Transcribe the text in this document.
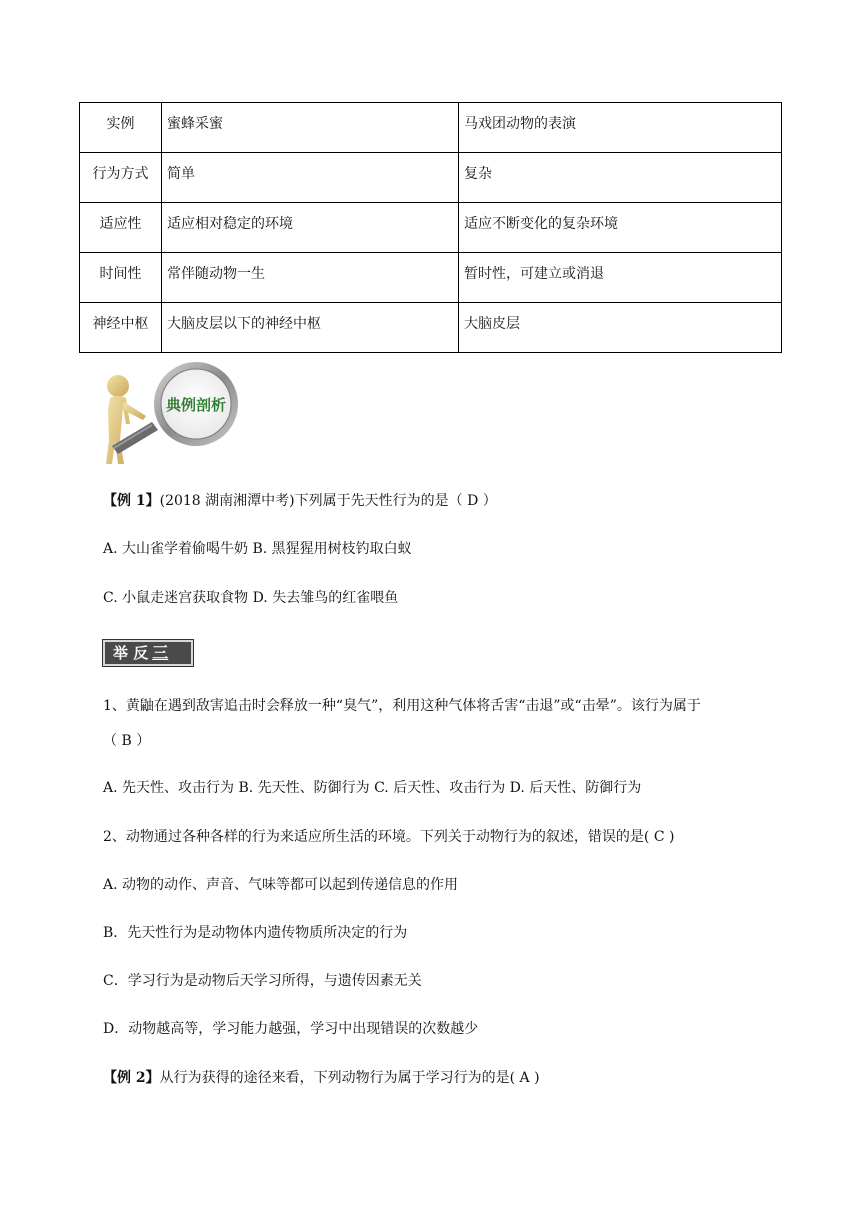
实例	蜜蜂采蜜	马戏团动物的表演
行为方式	简单	复杂
适应性	适应相对稳定的环境	适应不断变化的复杂环境
时间性	常伴随动物一生	暂时性，可建立或消退
神经中枢	大脑皮层以下的神经中枢	大脑皮层
典例剖析
【例 1】(2018 湖南湘潭中考)下列属于先天性行为的是（ D ）
A. 大山雀学着偷喝牛奶 B. 黑猩猩用树枝钓取白蚁
C. 小鼠走迷宫获取食物 D. 失去雏鸟的红雀喂鱼
举 反 三
1、黄鼬在遇到敌害追击时会释放一种“臭气”，利用这种气体将舌害“击退”或“击晕”。该行为属于
（ B ）
A. 先天性、攻击行为 B. 先天性、防御行为 C. 后天性、攻击行为 D. 后天性、防御行为
2、动物通过各种各样的行为来适应所生活的环境。下列关于动物行为的叙述，错误的是( C )
A. 动物的动作、声音、气味等都可以起到传递信息的作用
B．先天性行为是动物体内遗传物质所决定的行为
C．学习行为是动物后天学习所得，与遗传因素无关
D．动物越高等，学习能力越强，学习中出现错误的次数越少
【例 2】从行为获得的途径来看，下列动物行为属于学习行为的是( A )
